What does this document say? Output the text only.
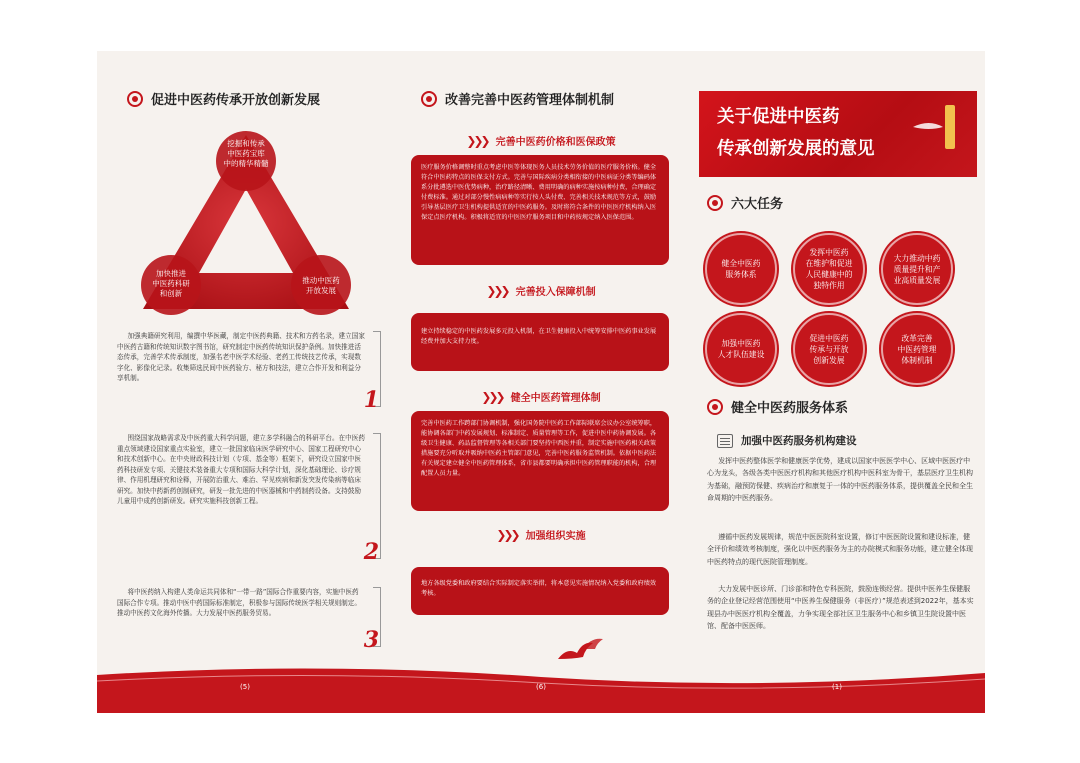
促进中医药传承开放创新发展
挖掘和传承
中医药宝库
中的精华精髓
加快推进
中医药科研
和创新
推动中医药
开放发展
加强典籍研究利用，编撰中华医藏，制定中医药典籍、技术和方药名录，建立国家中医药古籍和传统知识数字图书馆，研究制定中医药传统知识保护条例。加快推进活态传承，完善学术传承制度，加强名老中医学术经验、老药工传统技艺传承，实现数字化、影像化记录。收集筛选民间中医药验方、秘方和技法，建立合作开发和利益分享机制。
1
围绕国家战略需求及中医药重大科学问题，建立多学科融合的科研平台。在中医药重点领域建设国家重点实验室，建立一批国家临床医学研究中心、国家工程研究中心和技术创新中心。在中央财政科技计划（专项、基金等）框架下，研究设立国家中医药科技研发专项、关键技术装备重大专项和国际大科学计划，深化基础理论、诊疗规律、作用机理研究和诠释，开展防治重大、难治、罕见疾病和新发突发传染病等临床研究。加快中药新药创制研究，研发一批先进的中医器械和中药制药设备。支持鼓励儿童用中成药创新研发。研究实施科技创新工程。
2
将中医药纳入构建人类命运共同体和“一带一路”国际合作重要内容，实施中医药国际合作专项。推动中医中药国际标准制定，积极参与国际传统医学相关规则制定。推动中医药文化海外传播。大力发展中医药服务贸易。
3
改善完善中医药管理体制机制
❯❯❯ 完善中医药价格和医保政策
医疗服务价格调整时重点考虑中医等体现医务人员技术劳务价值的医疗服务价格。健全符合中医药特点的医保支付方式。完善与国际疾病分类相衔接的中医病证分类等编码体系分批遴选中医优势病种，治疗路径清晰、费用明确的病种实施按病种付费，合理确定付费标准。通过对部分慢性病病种等实行按人头付费、完善相关技术规范等方式，鼓励引导基层医疗卫生机构提供适宜的中医药服务。及时将符合条件的中医医疗机构纳入医保定点医疗机构。积极将适宜的中医医疗服务项目和中药按规定纳入医保范围。
❯❯❯ 完善投入保障机制
建立持续稳定的中医药发展多元投入机制，在卫生健康投入中统筹安排中医药事业发展经费并加大支持力度。
❯❯❯ 健全中医药管理体制
完善中医药工作跨部门协调机制，强化国务院中医药工作部际联席会议办公室统筹职，能协调各部门中药发展规划、标准制定、质量管理等工作，促进中医中药协调发展。各级卫生健康、药品监督管理等各相关部门要坚持中西医并重，制定实施中医药相关政策措施要充分听取并吸纳中医药主管部门意见，完善中医药服务监管机制。依据中医药法有关规定建立健全中医药管理体系，省市县都要明确承担中医药管理职能的机构，合理配置人员力量。
❯❯❯ 加强组织实施
地方各级党委和政府要结合实际制定落实举措，将本意见实施情况纳入党委和政府绩效考核。
关于促进中医药
传承创新发展的意见
六大任务
健全中医药
服务体系
发挥中医药
在维护和促进
人民健康中的
独特作用
大力推动中药
质量提升和产
业高质量发展
加强中医药
人才队伍建设
促进中医药
传承与开放
创新发展
改革完善
中医药管理
体制机制
健全中医药服务体系
加强中医药服务机构建设
发挥中医药整体医学和健康医学优势，建成以国家中医医学中心、区域中医医疗中心为龙头，各级各类中医医疗机构和其他医疗机构中医科室为骨干，基层医疗卫生机构为基础，融预防保健、疾病治疗和康复于一体的中医药服务体系，提供覆盖全民和全生命周期的中医药服务。
遵循中医药发展规律，规范中医医院科室设置，修订中医医院设置和建设标准，健全评价和绩效考核制度，强化以中医药服务为主的办院模式和服务功能，建立健全体现中医药特点的现代医院管理制度。
大力发展中医诊所、门诊部和特色专科医院，鼓励连锁经营。提供中医养生保健服务的企业登记经营范围使用“中医养生保健服务（非医疗）”规范表述到2022年，基本实现县办中医医疗机构全覆盖，力争实现全部社区卫生服务中心和乡镇卫生院设置中医馆、配备中医医师。
(5)	(6)	(1)
